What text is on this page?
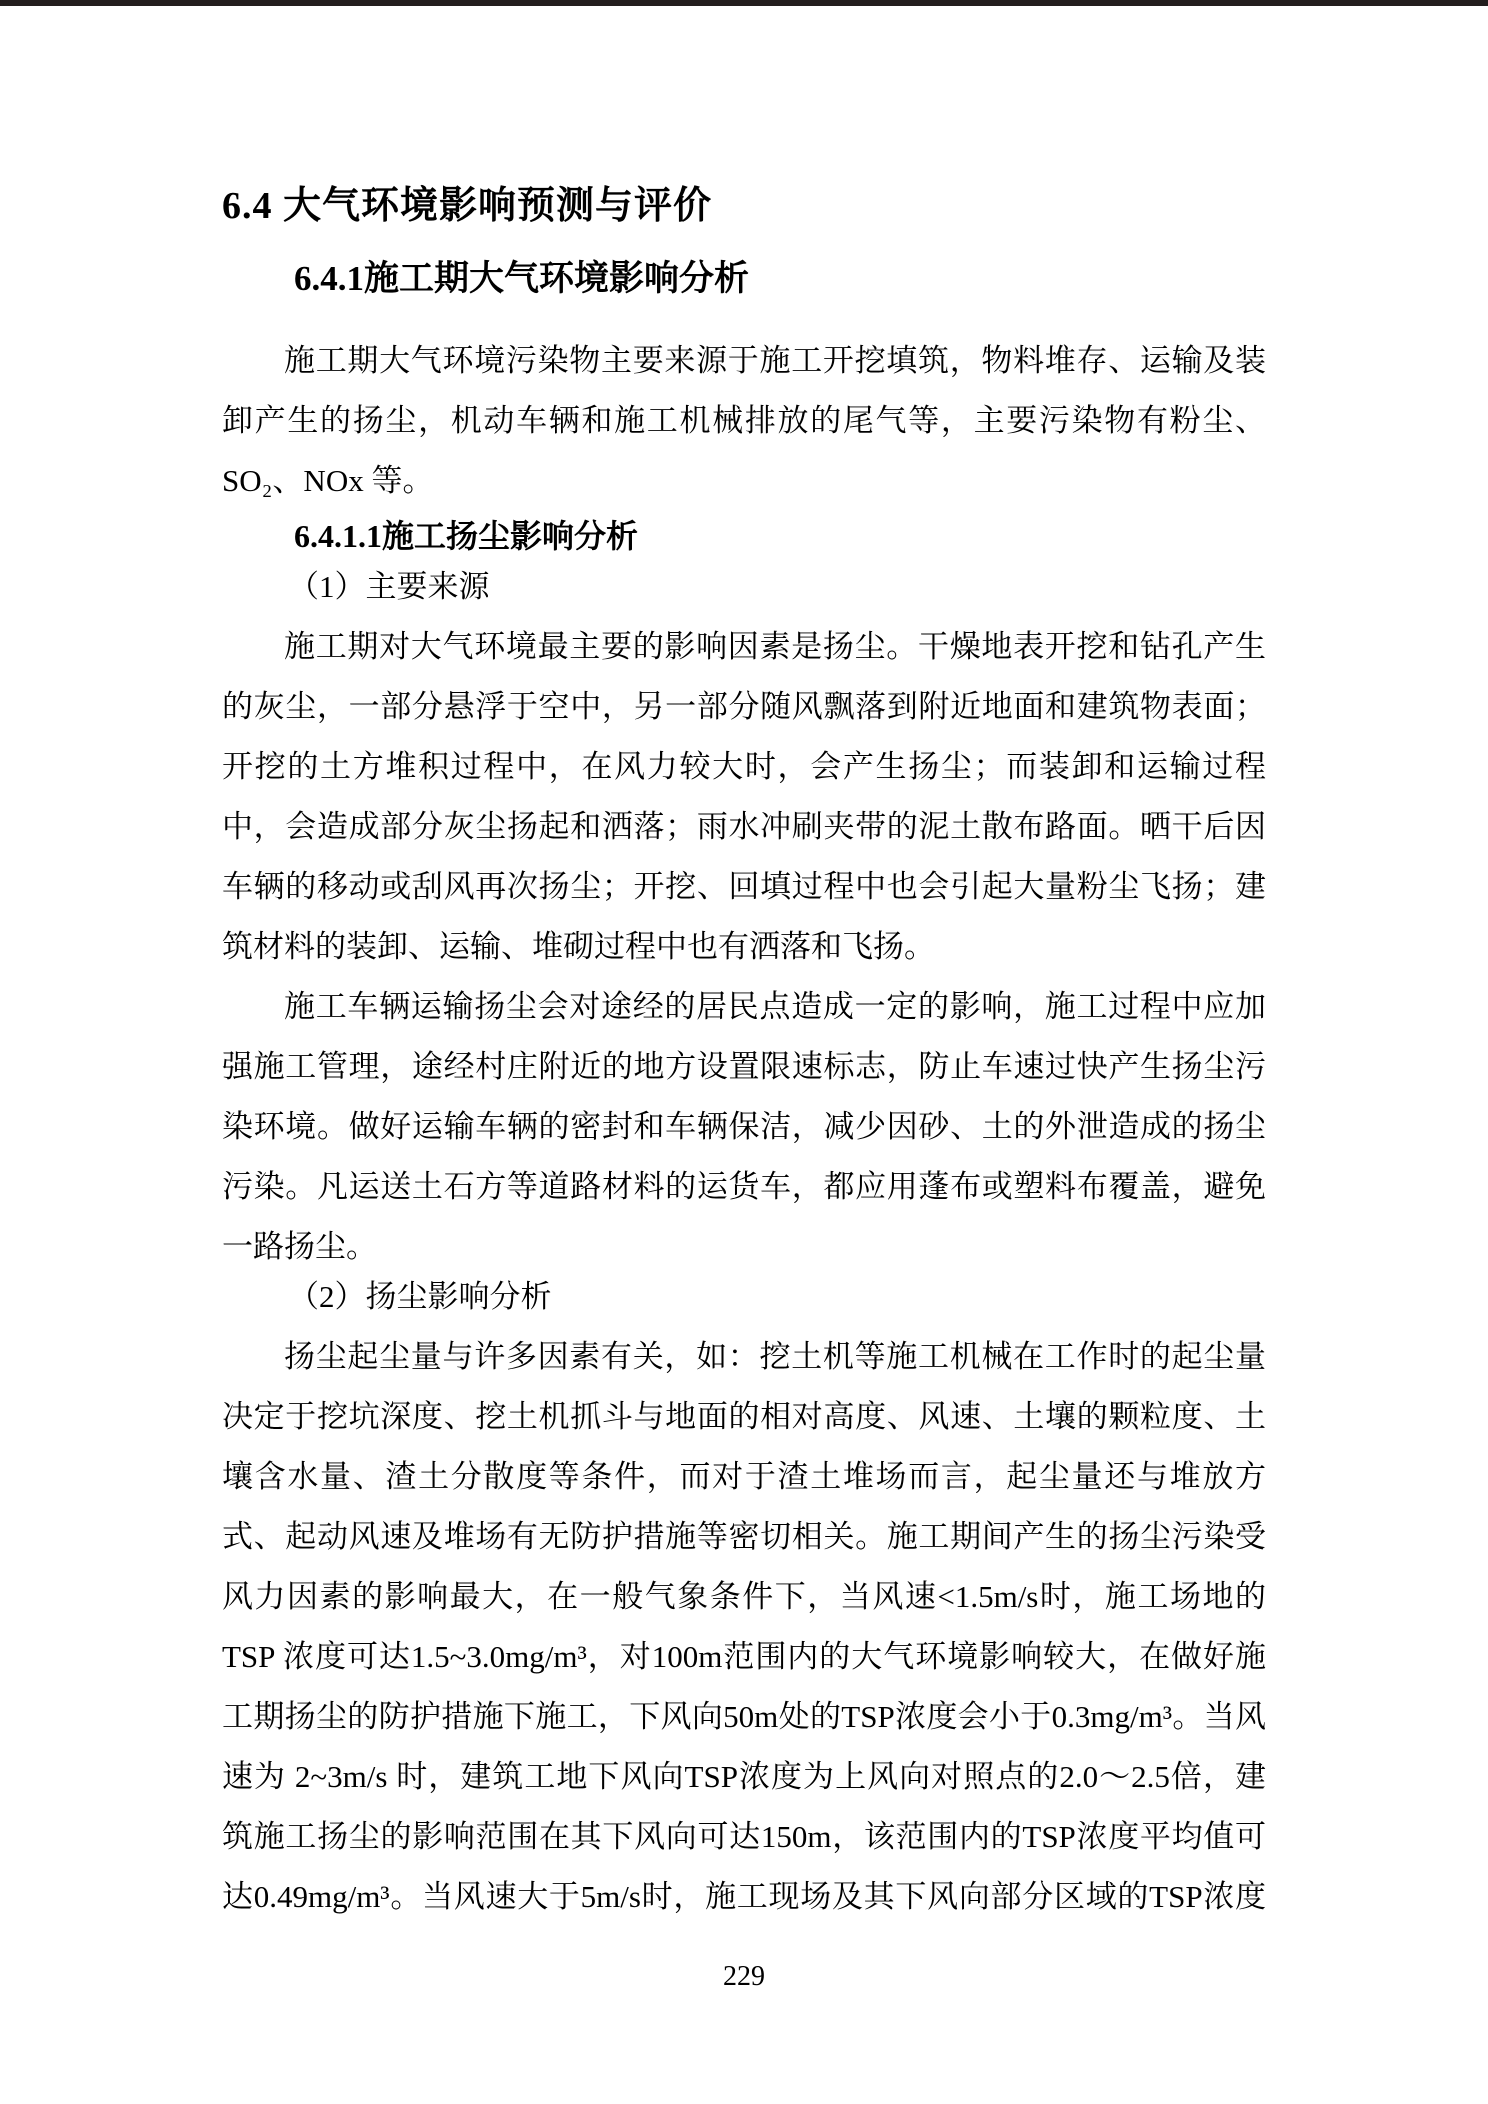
6.4 大气环境影响预测与评价
6.4.1施工期大气环境影响分析
施工期大气环境污染物主要来源于施工开挖填筑，物料堆存、运输及装
卸产生的扬尘，机动车辆和施工机械排放的尾气等，主要污染物有粉尘、
SO₂、NOx 等。
6.4.1.1施工扬尘影响分析
（1）主要来源
施工期对大气环境最主要的影响因素是扬尘。干燥地表开挖和钻孔产生
的灰尘，一部分悬浮于空中，另一部分随风飘落到附近地面和建筑物表面；
开挖的土方堆积过程中，在风力较大时，会产生扬尘；而装卸和运输过程
中，会造成部分灰尘扬起和洒落；雨水冲刷夹带的泥土散布路面。晒干后因
车辆的移动或刮风再次扬尘；开挖、回填过程中也会引起大量粉尘飞扬；建
筑材料的装卸、运输、堆砌过程中也有洒落和飞扬。
施工车辆运输扬尘会对途经的居民点造成一定的影响，施工过程中应加
强施工管理，途经村庄附近的地方设置限速标志，防止车速过快产生扬尘污
染环境。做好运输车辆的密封和车辆保洁，减少因砂、土的外泄造成的扬尘
污染。凡运送土石方等道路材料的运货车，都应用蓬布或塑料布覆盖，避免
一路扬尘。
（2）扬尘影响分析
扬尘起尘量与许多因素有关，如：挖土机等施工机械在工作时的起尘量
决定于挖坑深度、挖土机抓斗与地面的相对高度、风速、土壤的颗粒度、土
壤含水量、渣土分散度等条件，而对于渣土堆场而言，起尘量还与堆放方
式、起动风速及堆场有无防护措施等密切相关。施工期间产生的扬尘污染受
风力因素的影响最大，在一般气象条件下，当风速<1.5m/s时，施工场地的
TSP 浓度可达1.5~3.0mg/m³，对100m范围内的大气环境影响较大，在做好施
工期扬尘的防护措施下施工，下风向50m处的TSP浓度会小于0.3mg/m³。当风
速为 2~3m/s 时，建筑工地下风向TSP浓度为上风向对照点的2.0～2.5倍，建
筑施工扬尘的影响范围在其下风向可达150m，该范围内的TSP浓度平均值可
达0.49mg/m³。当风速大于5m/s时，施工现场及其下风向部分区域的TSP浓度
229
